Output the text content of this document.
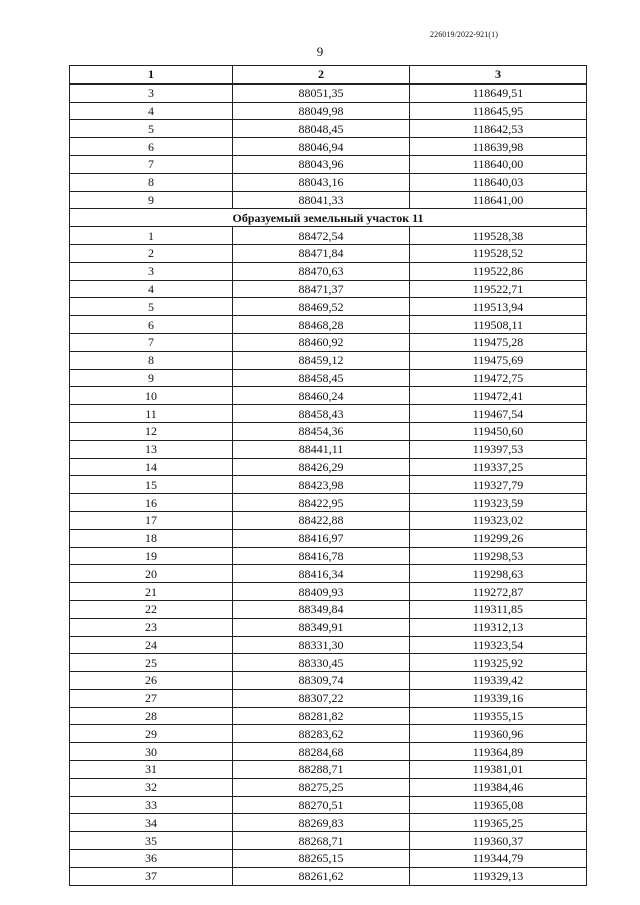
226019/2022-921(1)
9
1	2	3
3	88051,35	118649,51
4	88049,98	118645,95
5	88048,45	118642,53
6	88046,94	118639,98
7	88043,96	118640,00
8	88043,16	118640,03
9	88041,33	118641,00
Образуемый земельный участок 11		
1	88472,54	119528,38
2	88471,84	119528,52
3	88470,63	119522,86
4	88471,37	119522,71
5	88469,52	119513,94
6	88468,28	119508,11
7	88460,92	119475,28
8	88459,12	119475,69
9	88458,45	119472,75
10	88460,24	119472,41
11	88458,43	119467,54
12	88454,36	119450,60
13	88441,11	119397,53
14	88426,29	119337,25
15	88423,98	119327,79
16	88422,95	119323,59
17	88422,88	119323,02
18	88416,97	119299,26
19	88416,78	119298,53
20	88416,34	119298,63
21	88409,93	119272,87
22	88349,84	119311,85
23	88349,91	119312,13
24	88331,30	119323,54
25	88330,45	119325,92
26	88309,74	119339,42
27	88307,22	119339,16
28	88281,82	119355,15
29	88283,62	119360,96
30	88284,68	119364,89
31	88288,71	119381,01
32	88275,25	119384,46
33	88270,51	119365,08
34	88269,83	119365,25
35	88268,71	119360,37
36	88265,15	119344,79
37	88261,62	119329,13
